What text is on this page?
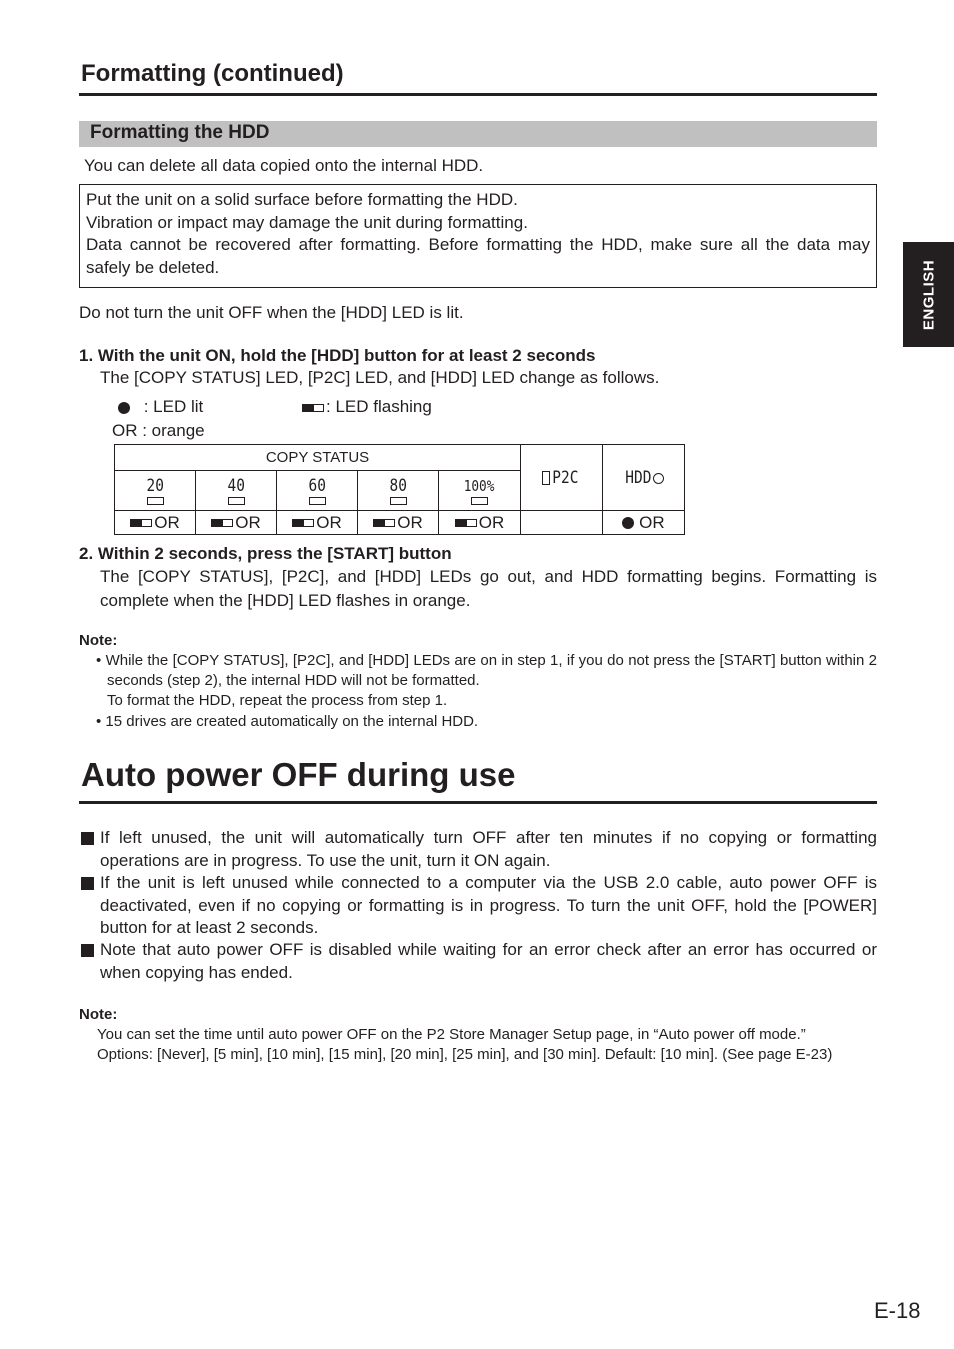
Formatting (continued)
Formatting the HDD
You can delete all data copied onto the internal HDD.
Put the unit on a solid surface before formatting the HDD.
Vibration or impact may damage the unit during formatting.
Data cannot be recovered after formatting. Before formatting the HDD, make sure all the data may safely be deleted.
Do not turn the unit OFF when the [HDD] LED is lit.	ENGLISH
1. With the unit ON, hold the [HDD] button for at least 2 seconds
The [COPY STATUS] LED, [P2C] LED, and [HDD] LED change as follows.
: LED lit	: LED flashing
OR : orange
COPY STATUS					P2C	HDD
20	40	60	80	100%		

OR	OR	OR	OR	OR		OR
2. Within 2 seconds, press the [START] button
The [COPY STATUS], [P2C], and [HDD] LEDs go out, and HDD formatting begins. Formatting is complete when the [HDD] LED flashes in orange.
Note:
• While the [COPY STATUS], [P2C], and [HDD] LEDs are on in step 1, if you do not press the [START] button within 2 seconds (step 2), the internal HDD will not be formatted.
To format the HDD, repeat the process from step 1.
• 15 drives are created automatically on the internal HDD.
Auto power OFF during use
If left unused, the unit will automatically turn OFF after ten minutes if no copying or formatting operations are in progress. To use the unit, turn it ON again.
If the unit is left unused while connected to a computer via the USB 2.0 cable, auto power OFF is deactivated, even if no copying or formatting is in progress. To turn the unit OFF, hold the [POWER] button for at least 2 seconds.
Note that auto power OFF is disabled while waiting for an error check after an error has occurred or when copying has ended.
Note:
You can set the time until auto power OFF on the P2 Store Manager Setup page, in “Auto power off mode.”
Options: [Never], [5 min], [10 min], [15 min], [20 min], [25 min], and [30 min]. Default: [10 min]. (See page E-23)
E-18
